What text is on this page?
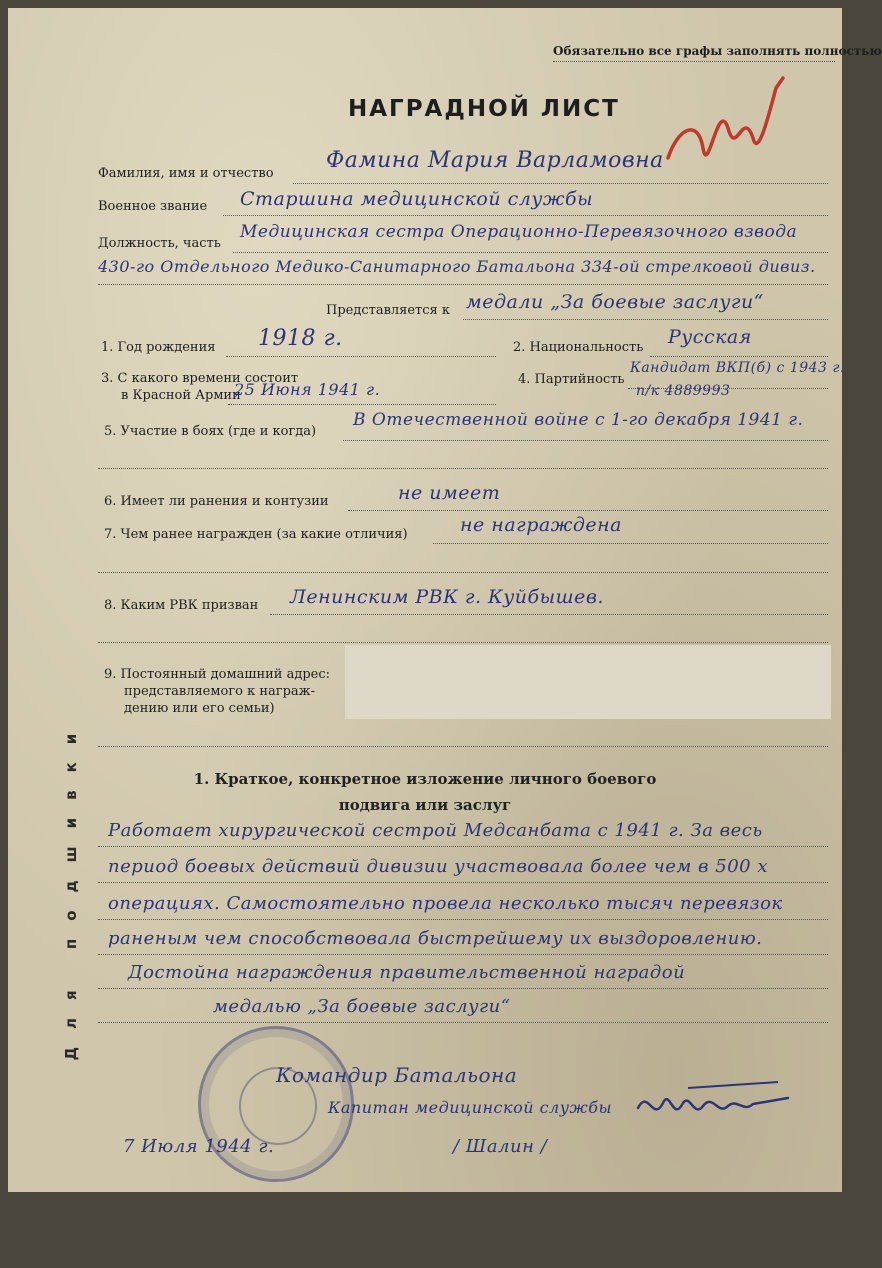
Обязательно все графы заполнять полностью
НАГРАДНОЙ ЛИСТ
Для подшивки
Фамилия, имя и отчество
Фамина Мария Варламовна
Военное звание Старшина медицинской службы
Должность, часть
Медицинская сестра Операционно-Перевязочного взвода
430-го Отдельного Медико-Санитарного Батальона 334-ой стрелковой дивиз.
Представляется к медали „За боевые заслуги“
1. Год рождения 1918 г.	2. Национальность Русская
3. С какого времени состоит
в Красной Армии
25 Июня 1941 г.
4. Партийность
Кандидат ВКП(б) с 1943 г.
п/к 4889993
5. Участие в боях (где и когда)
В Отечественной войне с 1-го декабря 1941 г.
6. Имеет ли ранения и контузии	не имеет
7. Чем ранее награжден (за какие отличия)	не награждена
8. Каким РВК призван Ленинским РВК г. Куйбышев.
9. Постоянный домашний адрес:
представляемого к награж-
дению или его семьи)
1. Краткое, конкретное изложение личного боевого
подвига или заслуг
Работает хирургической сестрой Медсанбата с 1941 г. За весь
период боевых действий дивизии участвовала более чем в 500 х
операциях. Самостоятельно провела несколько тысяч перевязок
раненым чем способствовала быстрейшему их выздоровлению.
Достойна награждения правительственной наградой
медалью „За боевые заслуги“
Командир Батальона
Капитан медицинской службы
7 Июля 1944 г.	/ Шалин /
